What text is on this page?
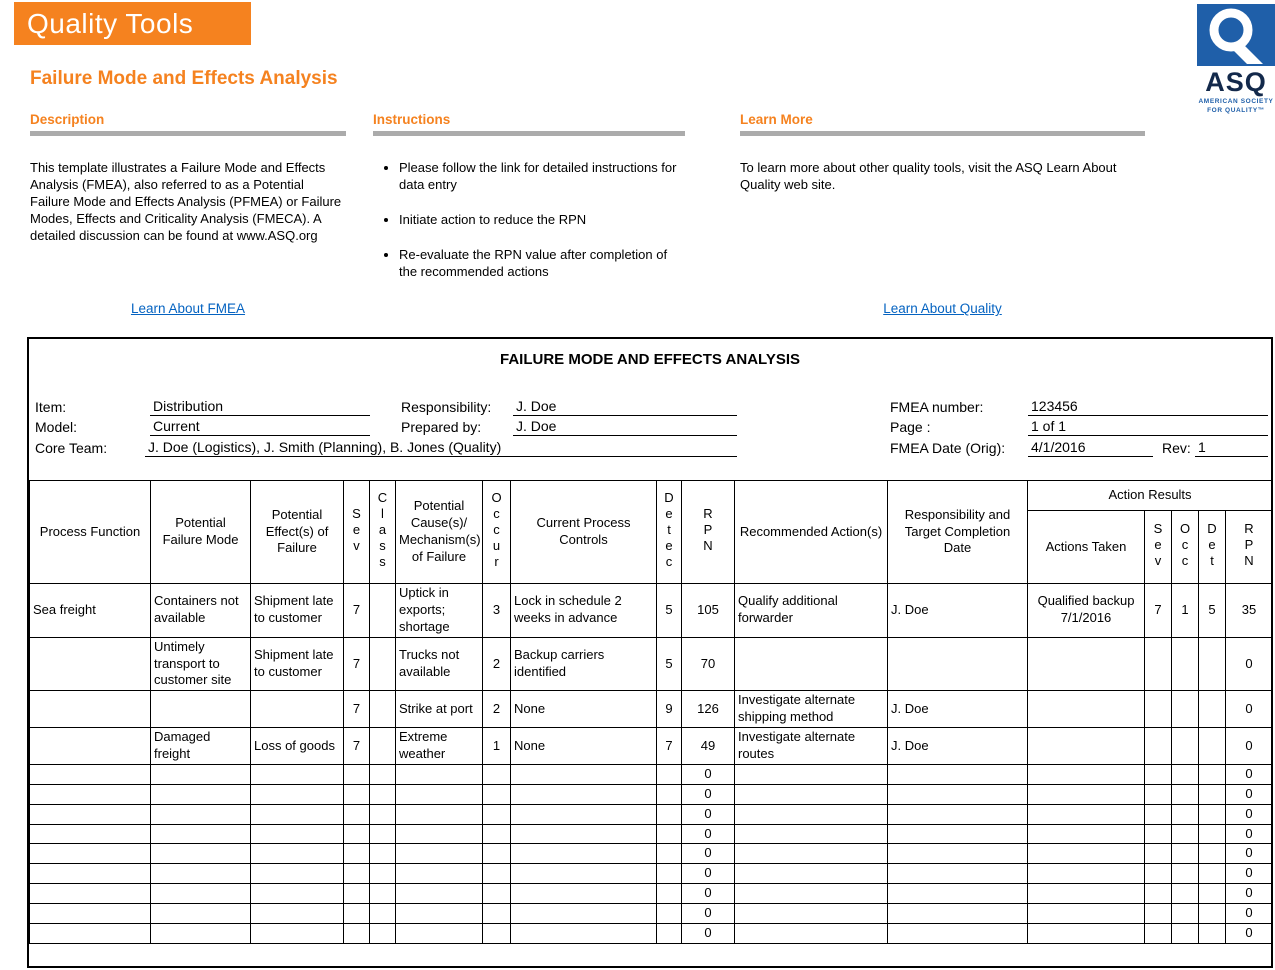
Quality Tools
ASQ
AMERICAN SOCIETY
FOR QUALITY™
Failure Mode and Effects Analysis
Description
This template illustrates a Failure Mode and Effects Analysis (FMEA), also referred to as a Potential Failure Mode and Effects Analysis (PFMEA) or Failure Modes, Effects and Criticality Analysis (FMECA). A detailed discussion can be found at www.ASQ.org
Learn About FMEA
Instructions
• Please follow the link for detailed instructions for data entry
• Initiate action to reduce the RPN
• Re-evaluate the RPN value after completion of the recommended actions
Learn More
To learn more about other quality tools, visit the ASQ Learn About Quality web site.
Learn About Quality
FAILURE MODE AND EFFECTS ANALYSIS
Item:	Distribution	Responsibility: J. Doe	FMEA number:	123456
Model:	Current	Prepared by: J. Doe	Page :	1 of 1
Core Team:	J. Doe (Logistics), J. Smith (Planning), B. Jones (Quality)	FMEA Date (Orig): 4/1/2016	Rev: 1
Process Function	Potential Failure Mode	Potential Effect(s) of Failure	Sev	Class	Potential Cause(s)/ Mechanism(s) of Failure	Occur	Current Process Controls	Detec	RPN	Recommended Action(s)	Responsibility and Target Completion Date	Action Results				
												Actions Taken	Sev	Occ	Det	RPN
Sea freight	Containers not available	Shipment late to customer	7		Uptick in exports; shortage	3	Lock in schedule 2 weeks in advance	5	105	Qualify additional forwarder	J. Doe	Qualified backup 7/1/2016	7	1	5	35
	Untimely transport to customer site	Shipment late to customer	7		Trucks not available	2	Backup carriers identified	5	70							0
			7		Strike at port	2	None	9	126	Investigate alternate shipping method	J. Doe					0
	Damaged freight	Loss of goods	7		Extreme weather	1	None	7	49	Investigate alternate routes	J. Doe					0
									0							0
									0							0
									0							0
									0							0
									0							0
									0							0
									0							0
									0							0
									0							0
